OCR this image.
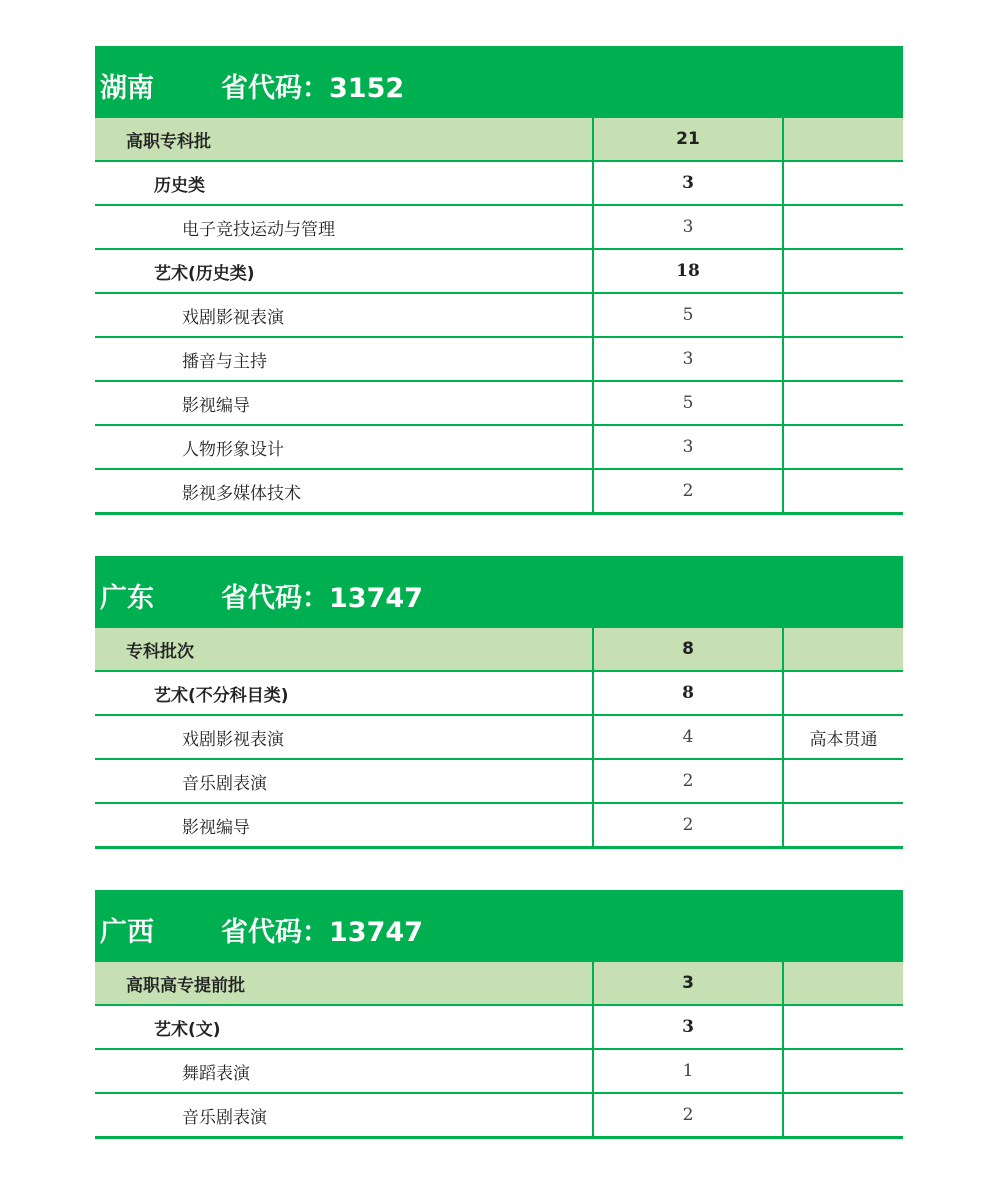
湖南 省代码：3152
高职专科批	21	
历史类	3	
电子竞技运动与管理	3	
艺术(历史类)	18	
戏剧影视表演	5	
播音与主持	3	
影视编导	5	
人物形象设计	3	
影视多媒体技术	2	
广东 省代码：13747
专科批次	8	
艺术(不分科目类)	8	
戏剧影视表演	4	高本贯通
音乐剧表演	2	
影视编导	2	
广西 省代码：13747
高职高专提前批	3	
艺术(文)	3	
舞蹈表演	1	
音乐剧表演	2	
